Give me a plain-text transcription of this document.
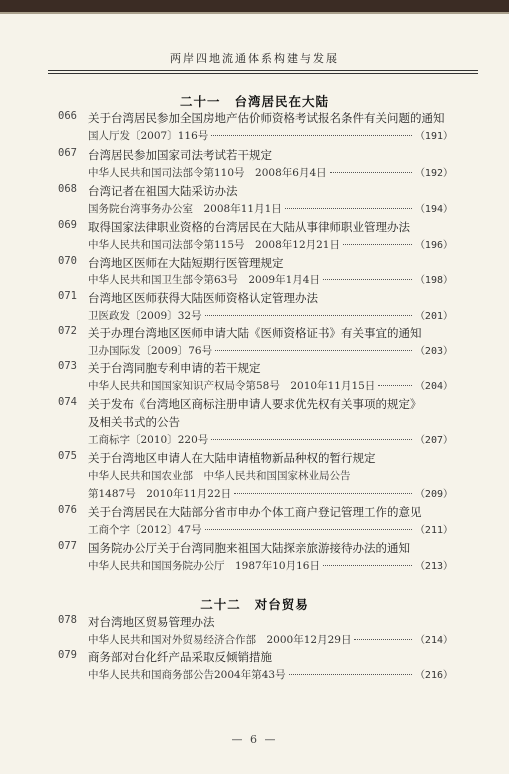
两岸四地流通体系构建与发展
二十一 台湾居民在大陆
066 关于台湾居民参加全国房地产估价师资格考试报名条件有关问题的通知
国人厅发〔2007〕116号	（191）
067 台湾居民参加国家司法考试若干规定
中华人民共和国司法部令第110号　2008年6月4日	（192）
068 台湾记者在祖国大陆采访办法
国务院台湾事务办公室　2008年11月1日	（194）
069 取得国家法律职业资格的台湾居民在大陆从事律师职业管理办法
中华人民共和国司法部令第115号　2008年12月21日	（196）
070 台湾地区医师在大陆短期行医管理规定
中华人民共和国卫生部令第63号　2009年1月4日	（198）
071 台湾地区医师获得大陆医师资格认定管理办法
卫医政发〔2009〕32号	（201）
072 关于办理台湾地区医师申请大陆《医师资格证书》有关事宜的通知
卫办国际发〔2009〕76号	（203）
073 关于台湾同胞专利申请的若干规定
中华人民共和国国家知识产权局令第58号　2010年11月15日	（204）
074 关于发布《台湾地区商标注册申请人要求优先权有关事项的规定》
及相关书式的公告
工商标字〔2010〕220号	（207）
075 关于台湾地区申请人在大陆申请植物新品种权的暂行规定
中华人民共和国农业部　中华人民共和国国家林业局公告
第1487号　2010年11月22日	（209）
076 关于台湾居民在大陆部分省市申办个体工商户登记管理工作的意见
工商个字〔2012〕47号	（211）
077 国务院办公厅关于台湾同胞来祖国大陆探亲旅游接待办法的通知
中华人民共和国国务院办公厅　1987年10月16日	（213）
二十二 对台贸易
078 对台湾地区贸易管理办法
中华人民共和国对外贸易经济合作部　2000年12月29日	（214）
079 商务部对台化纤产品采取反倾销措施
中华人民共和国商务部公告2004年第43号	（216）
— 6 —
